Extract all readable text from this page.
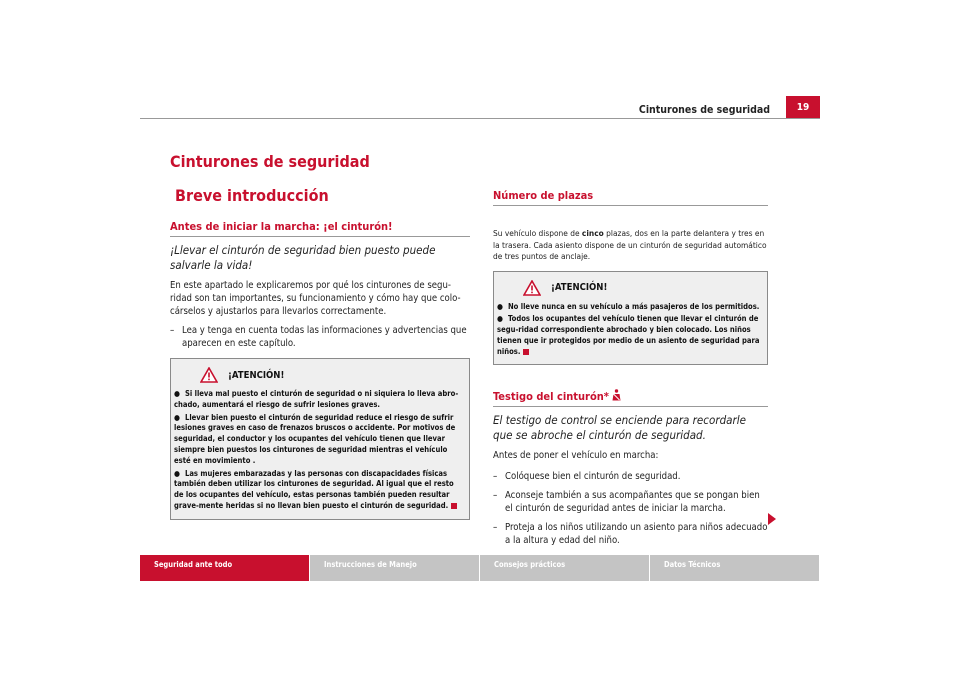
Cinturones de seguridad	19
Cinturones de seguridad
Breve introducción
Antes de iniciar la marcha: ¡el cinturón!

¡Llevar el cinturón de seguridad bien puesto puede salvarle la vida!

En este apartado le explicaremos por qué los cinturones de segu-ridad son tan importantes, su funcionamiento y cómo hay que colo-cárselos y ajustarlos para llevarlos correctamente.

– Lea y tenga en cuenta todas las informaciones y advertencias que aparecen en este capítulo.
¡ATENCIÓN!
● Si lleva mal puesto el cinturón de seguridad o ni siquiera lo lleva abro-chado, aumentará el riesgo de sufrir lesiones graves.
● Llevar bien puesto el cinturón de seguridad reduce el riesgo de sufrir lesiones graves en caso de frenazos bruscos o accidente. Por motivos de seguridad, el conductor y los ocupantes del vehículo tienen que llevar siempre bien puestos los cinturones de seguridad mientras el vehículo esté en movimiento .
● Las mujeres embarazadas y las personas con discapacidades físicas también deben utilizar los cinturones de seguridad. Al igual que el resto de los ocupantes del vehículo, estas personas también pueden resultar grave-mente heridas si no llevan bien puesto el cinturón de seguridad.
Número de plazas

Su vehículo dispone de cinco plazas, dos en la parte delantera y tres en la trasera. Cada asiento dispone de un cinturón de seguridad automático de tres puntos de anclaje.

¡ATENCIÓN!
● No lleve nunca en su vehículo a más pasajeros de los permitidos.
● Todos los ocupantes del vehículo tienen que llevar el cinturón de segu-ridad correspondiente abrochado y bien colocado. Los niños tienen que ir protegidos por medio de un asiento de seguridad para niños.
Testigo del cinturón*

El testigo de control se enciende para recordarle que se abroche el cinturón de seguridad.

Antes de poner el vehículo en marcha:

– Colóquese bien el cinturón de seguridad.
– Aconseje también a sus acompañantes que se pongan bien el cinturón de seguridad antes de iniciar la marcha.
– Proteja a los niños utilizando un asiento para niños adecuado a la altura y edad del niño.
Seguridad ante todo	Instrucciones de Manejo	Consejos prácticos	Datos Técnicos
